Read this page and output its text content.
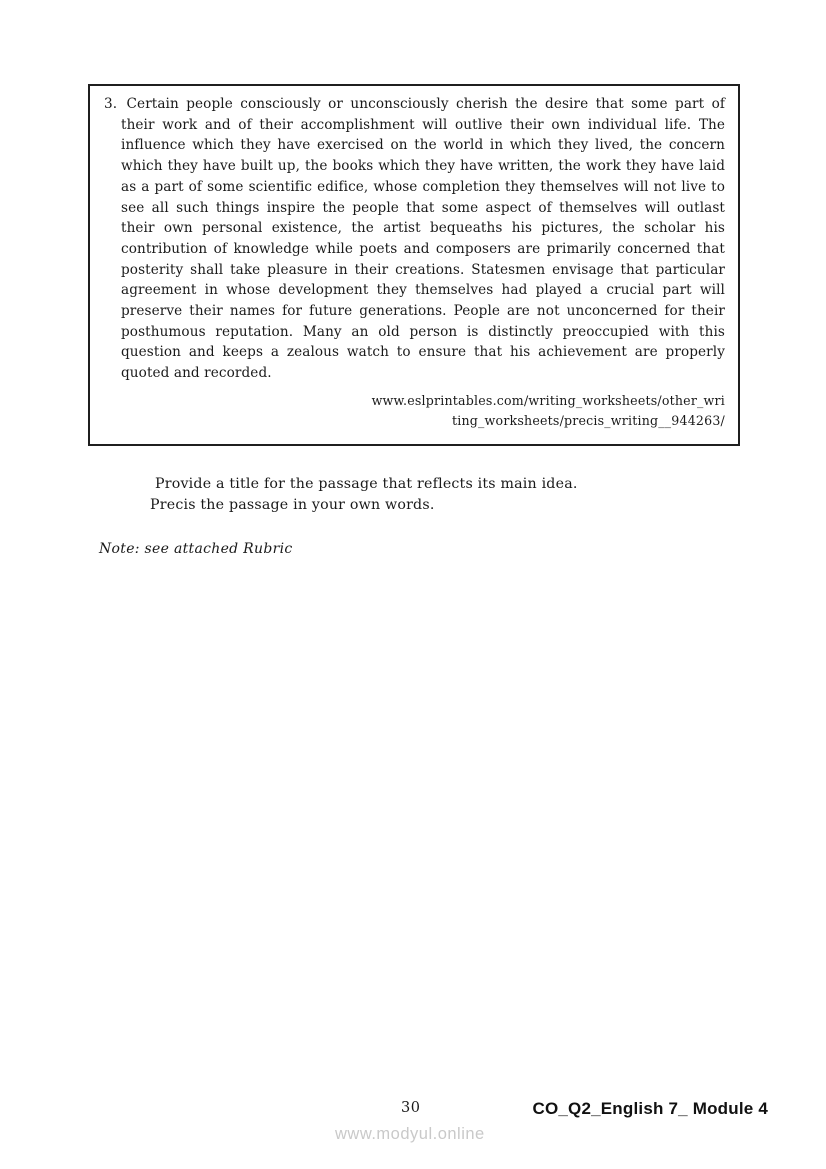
3. Certain people consciously or unconsciously cherish the desire that some part of their work and of their accomplishment will outlive their own individual life. The influence which they have exercised on the world in which they lived, the concern which they have built up, the books which they have written, the work they have laid as a part of some scientific edifice, whose completion they themselves will not live to see all such things inspire the people that some aspect of themselves will outlast their own personal existence, the artist bequeaths his pictures, the scholar his contribution of knowledge while poets and composers are primarily concerned that posterity shall take pleasure in their creations. Statesmen envisage that particular agreement in whose development they themselves had played a crucial part will preserve their names for future generations. People are not unconcerned for their posthumous reputation. Many an old person is distinctly preoccupied with this question and keeps a zealous watch to ensure that his achievement are properly quoted and recorded.

www.eslprintables.com/writing_worksheets/other_wri
ting_worksheets/precis_writing__944263/
Provide a title for the passage that reflects its main idea.
Precis the passage in your own words.
Note: see attached Rubric
30	CO_Q2_English 7_ Module 4
www.modyul.online
